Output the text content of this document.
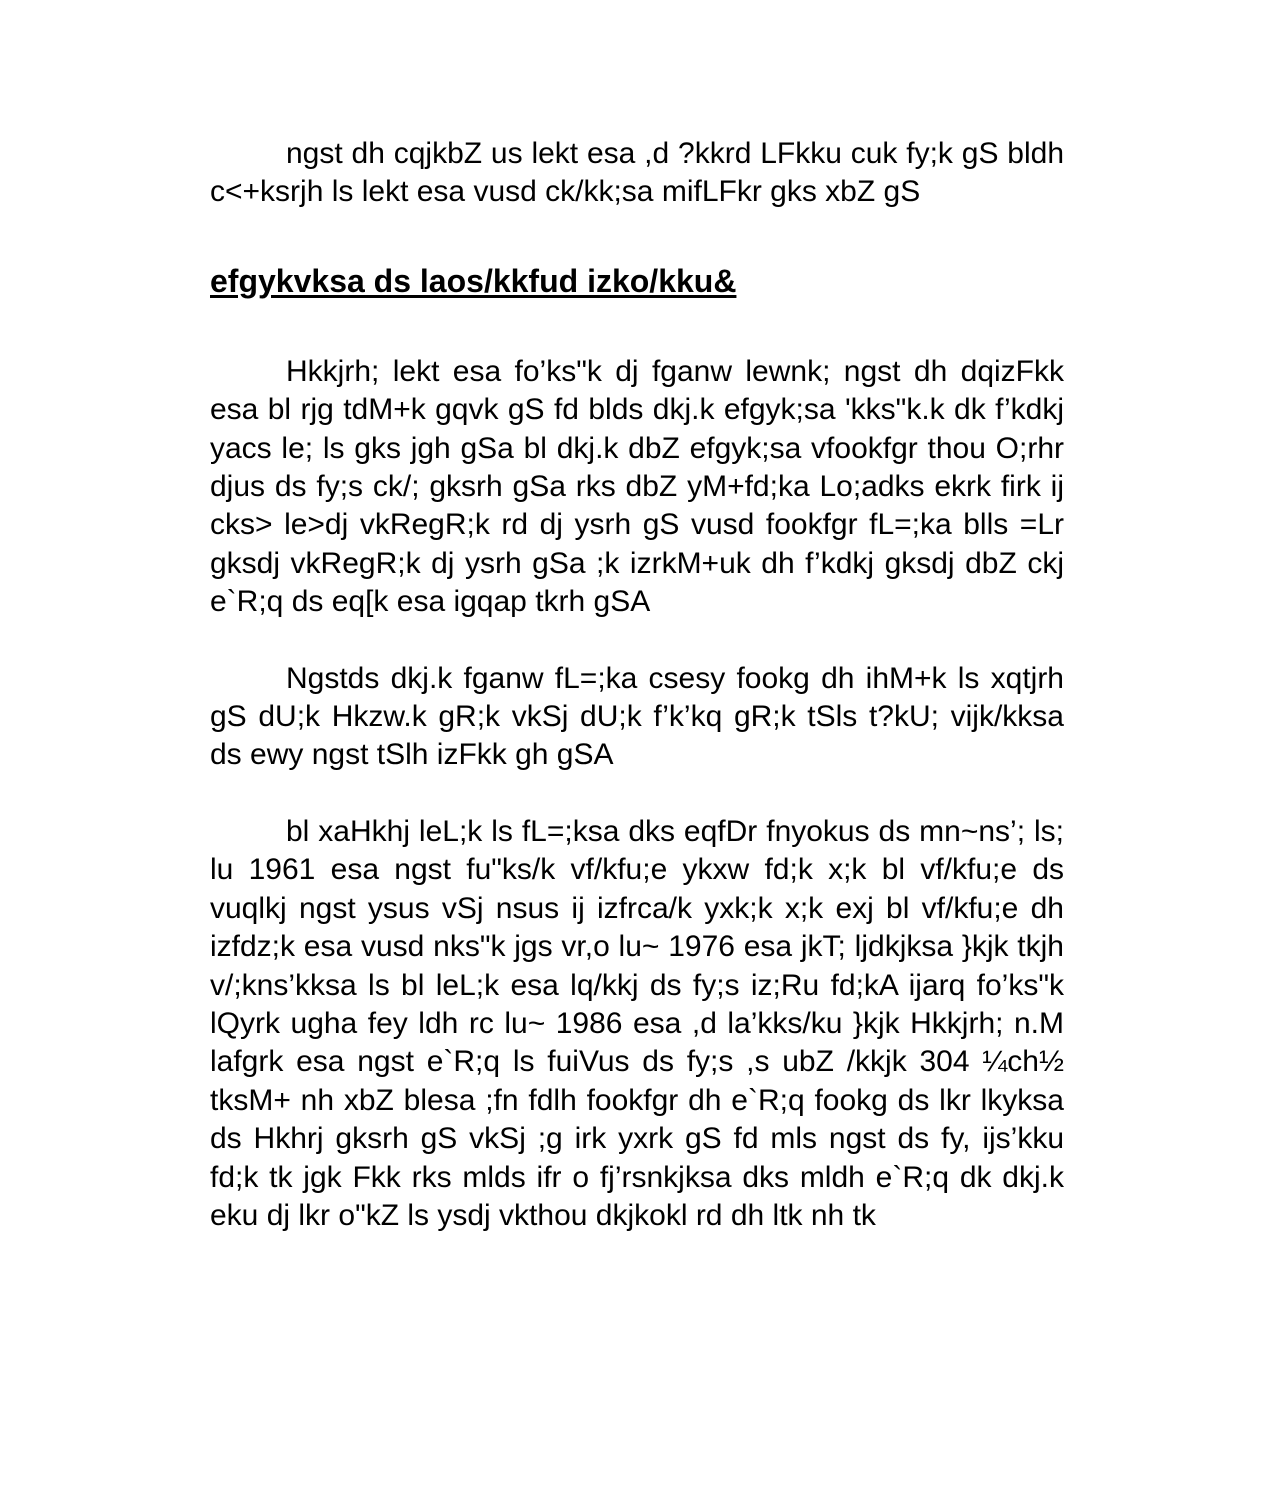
ngst dh cqjkbZ us lekt esa ,d ?kkrd LFkku cuk fy;k gS bldh c<+ksrjh ls lekt esa vusd ck/kk;sa mifLFkr gks xbZ gS

efgykvksa ds laos/kkfud izko/kku&

Hkkjrh; lekt esa fo’ks"k dj fganw lewnk; ngst dh dqizFkk esa bl rjg tdM+k gqvk gS fd blds dkj.k efgyk;sa 'kks"k.k dk f’kdkj yacs le; ls gks jgh gSa bl dkj.k dbZ efgyk;sa vfookfgr thou O;rhr djus ds fy;s ck/; gksrh gSa rks dbZ yM+fd;ka Lo;adks ekrk firk ij cks> le>dj vkRegR;k rd dj ysrh gS vusd fookfgr fL=;ka blls =Lr gksdj vkRegR;k dj ysrh gSa ;k izrkM+uk dh f’kdkj gksdj dbZ ckj e`R;q ds eq[k esa igqap tkrh gSA

Ngstds dkj.k fganw fL=;ka csesy fookg dh ihM+k ls xqtjrh gS dU;k Hkzw.k gR;k vkSj dU;k f’k’kq gR;k tSls t?kU; vijk/kksa ds ewy ngst tSlh izFkk gh gSA

bl xaHkhj leL;k ls fL=;ksa dks eqfDr fnyokus ds mn~ns’; ls; lu 1961 esa ngst fu"ks/k vf/kfu;e ykxw fd;k x;k bl vf/kfu;e ds vuqlkj ngst ysus vSj nsus ij izfrca/k yxk;k x;k exj bl vf/kfu;e dh izfdz;k esa vusd nks"k jgs vr,o lu~ 1976 esa jkT; ljdkjksa }kjk tkjh v/;kns’kksa ls bl leL;k esa lq/kkj ds fy;s iz;Ru fd;kA ijarq fo’ks"k lQyrk ugha fey ldh rc lu~ 1986 esa ,d la’kks/ku }kjk Hkkjrh; n.M lafgrk esa ngst e`R;q ls fuiVus ds fy;s ,s ubZ /kkjk 304 ¼ch½ tksM+ nh xbZ blesa ;fn fdlh fookfgr dh e`R;q fookg ds lkr lkyksa ds Hkhrj gksrh gS vkSj ;g irk yxrk gS fd mls ngst ds fy, ijs’kku fd;k tk jgk Fkk rks mlds ifr o fj’rsnkjksa dks mldh e`R;q dk dkj.k eku dj lkr o"kZ ls ysdj vkthou dkjkokl rd dh ltk nh tk
